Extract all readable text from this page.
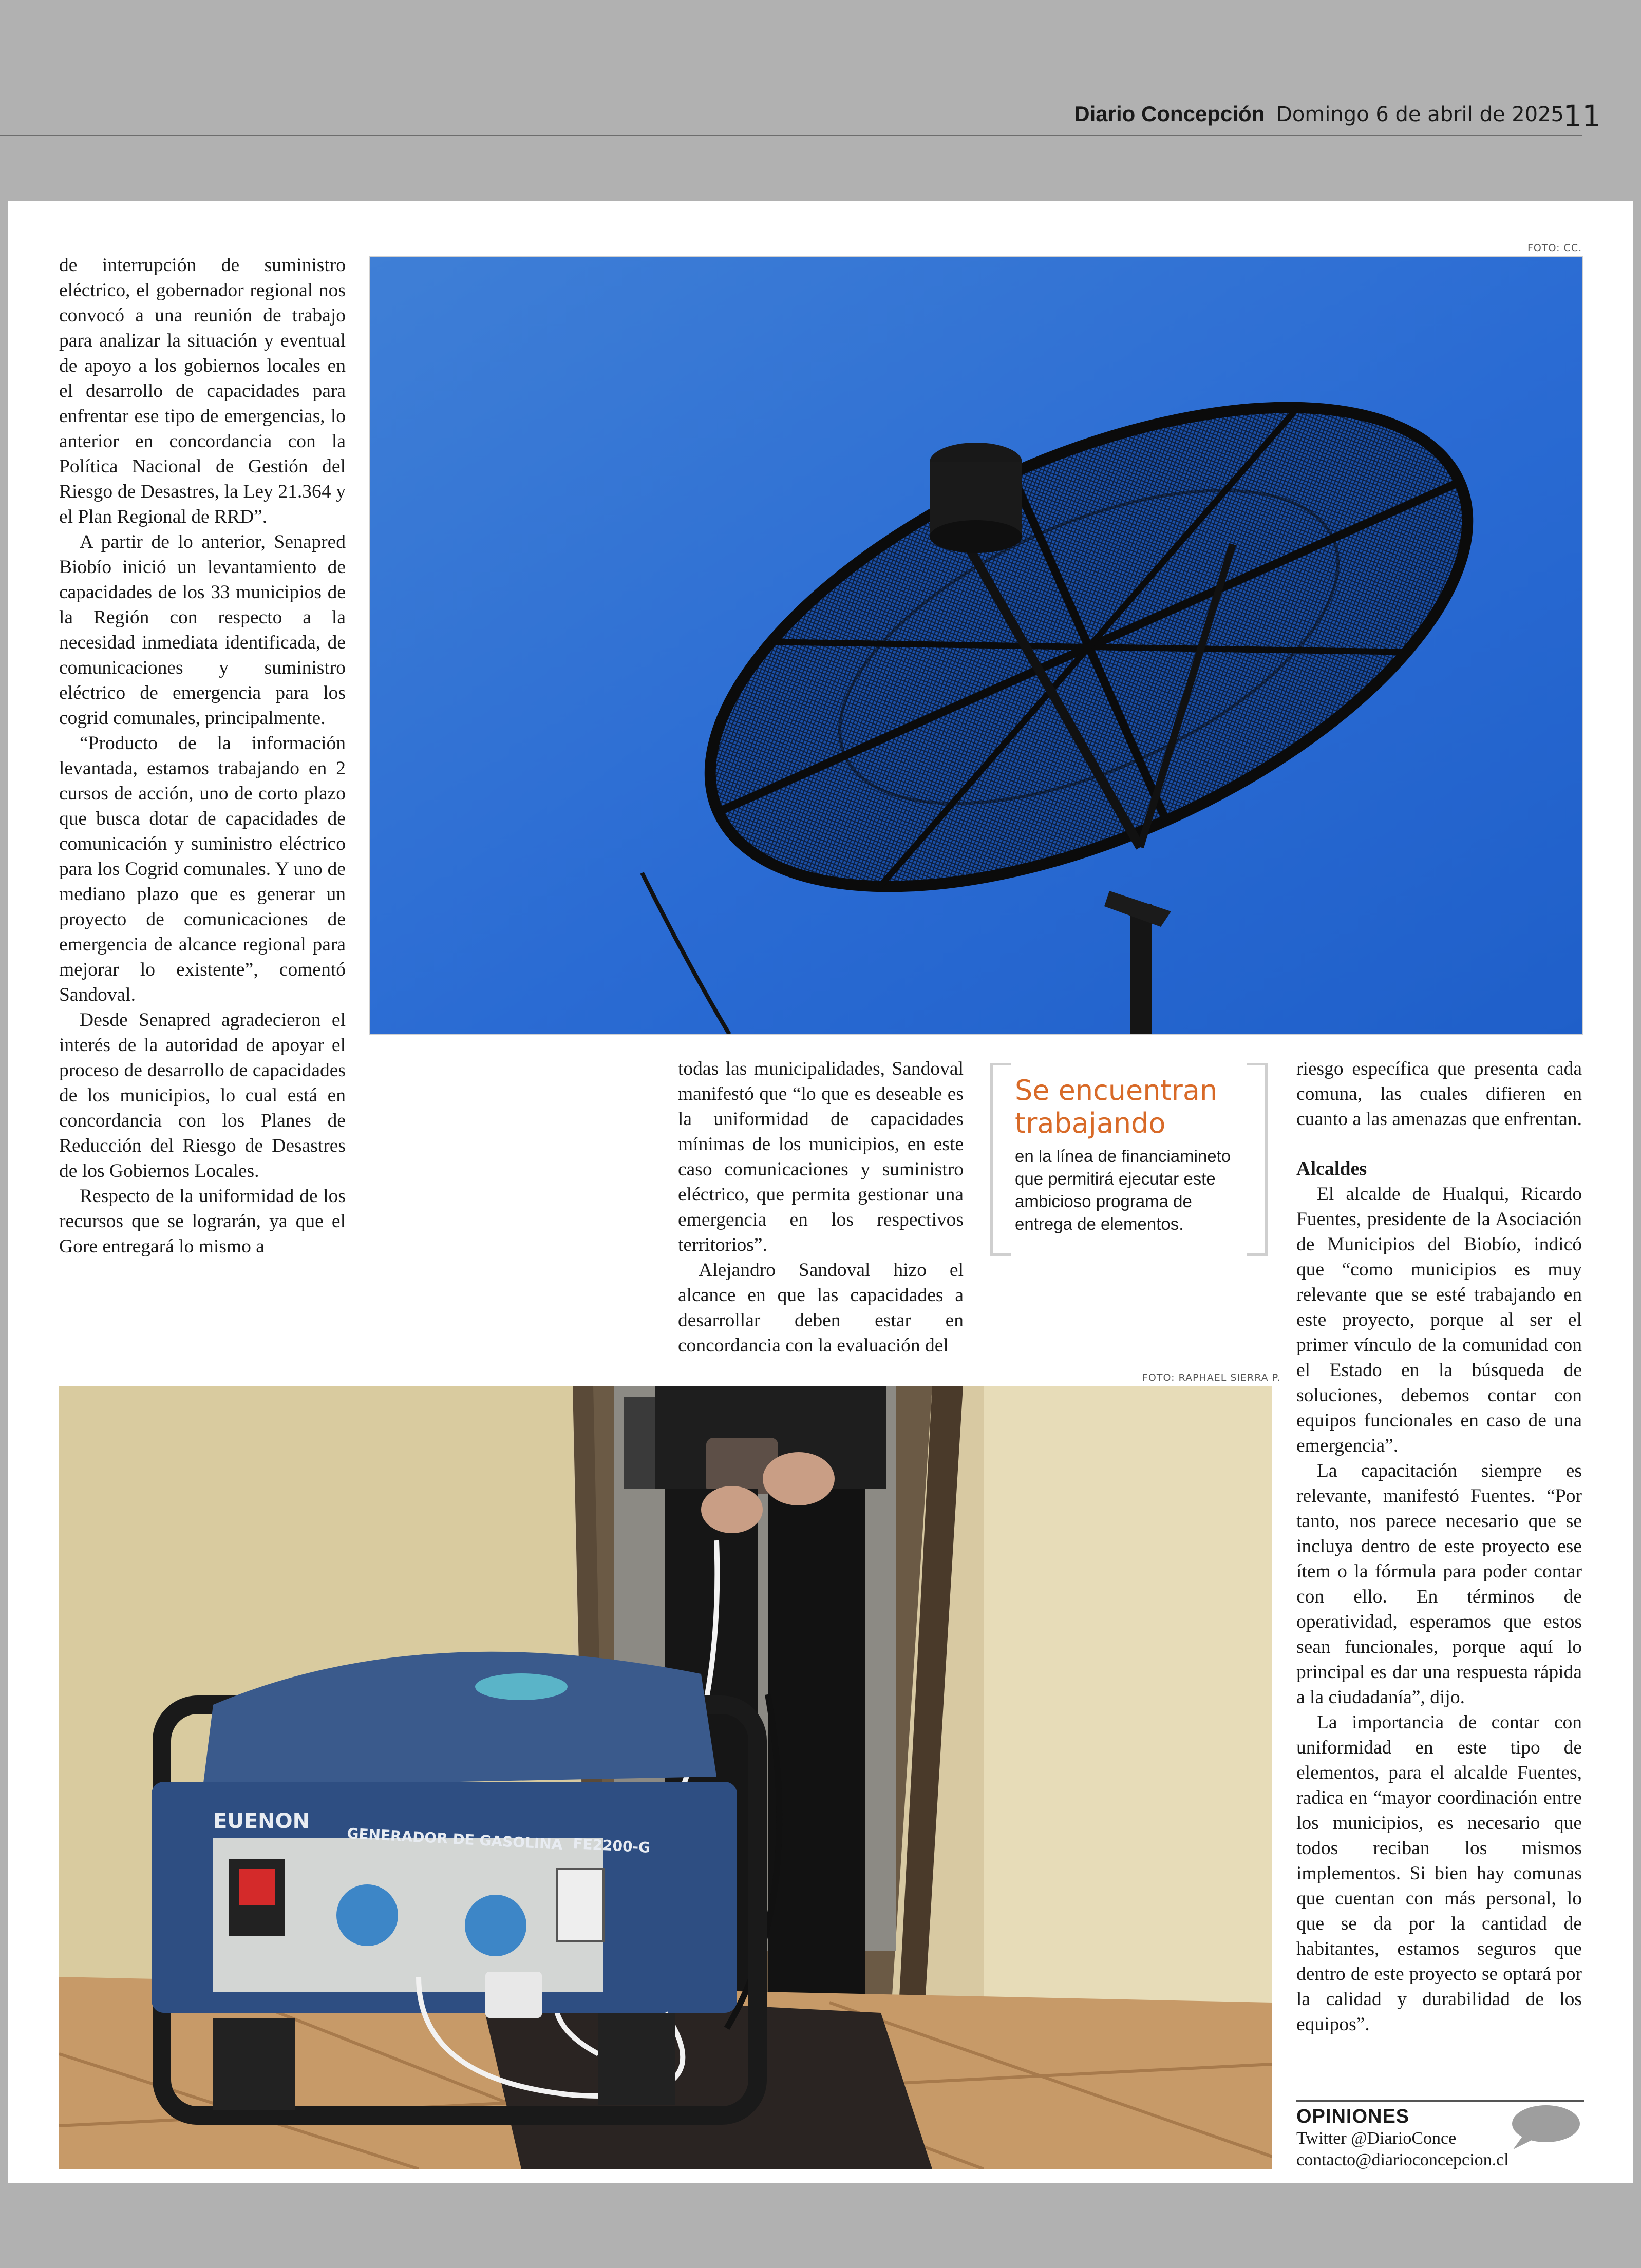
Diario Concepción Domingo 6 de abril de 2025
11

de interrupción de suministro eléctrico, el gobernador regional nos convocó a una reunión de trabajo para analizar la situación y eventual de apoyo a los gobiernos locales en el desarrollo de capacidades para enfrentar ese tipo de emergencias, lo anterior en concordancia con la Política Nacional de Gestión del Riesgo de Desastres, la Ley 21.364 y el Plan Regional de RRD”.

A partir de lo anterior, Senapred Biobío inició un levantamiento de capacidades de los 33 municipios de la Región con respecto a la necesidad inmediata identificada, de comunicaciones y suministro eléctrico de emergencia para los cogrid comunales, principalmente.

“Producto de la información levantada, estamos trabajando en 2 cursos de acción, uno de corto plazo que busca dotar de capacidades de comunicación y suministro eléctrico para los Cogrid comunales. Y uno de mediano plazo que es generar un proyecto de comunicaciones de emergencia de alcance regional para mejorar lo existente”, comentó Sandoval.

Desde Senapred agradecieron el interés de la autoridad de apoyar el proceso de desarrollo de capacidades de los municipios, lo cual está en concordancia con los Planes de Reducción del Riesgo de Desastres de los Gobiernos Locales.

Respecto de la uniformidad de los recursos que se lograrán, ya que el Gore entregará lo mismo a

FOTO: CC.

todas las municipalidades, Sandoval manifestó que “lo que es deseable es la uniformidad de capacidades mínimas de los municipios, en este caso comunicaciones y suministro eléctrico, que permita gestionar una emergencia en los respectivos territorios”.

Alejandro Sandoval hizo el alcance en que las capacidades a desarrollar deben estar en concordancia con la evaluación del

Se encuentran trabajando
en la línea de financiamineto que permitirá ejecutar este ambicioso programa de entrega de elementos.

riesgo específica que presenta cada comuna, las cuales difieren en cuanto a las amenazas que enfrentan.

Alcaldes

El alcalde de Hualqui, Ricardo Fuentes, presidente de la Asociación de Municipios del Biobío, indicó que “como municipios es muy relevante que se esté trabajando en este proyecto, porque al ser el primer vínculo de la comunidad con el Estado en la búsqueda de soluciones, debemos contar con equipos funcionales en caso de una emergencia”.

La capacitación siempre es relevante, manifestó Fuentes. “Por tanto, nos parece necesario que se incluya dentro de este proyecto ese ítem o la fórmula para poder contar con ello. En términos de operatividad, esperamos que estos sean funcionales, porque aquí lo principal es dar una respuesta rápida a la ciudadanía”, dijo.

La importancia de contar con uniformidad en este tipo de elementos, para el alcalde Fuentes, radica en “mayor coordinación entre los municipios, es necesario que todos reciban los mismos implementos. Si bien hay comunas que cuentan con más personal, lo que se da por la cantidad de habitantes, estamos seguros que dentro de este proyecto se optará por la calidad y durabilidad de los equipos”.

FOTO: RAPHAEL SIERRA P.
EUENON
GENERADOR DE GASOLINA FE2200-G
OPINIONES
Twitter @DiarioConce
contacto@diarioconcepcion.cl
